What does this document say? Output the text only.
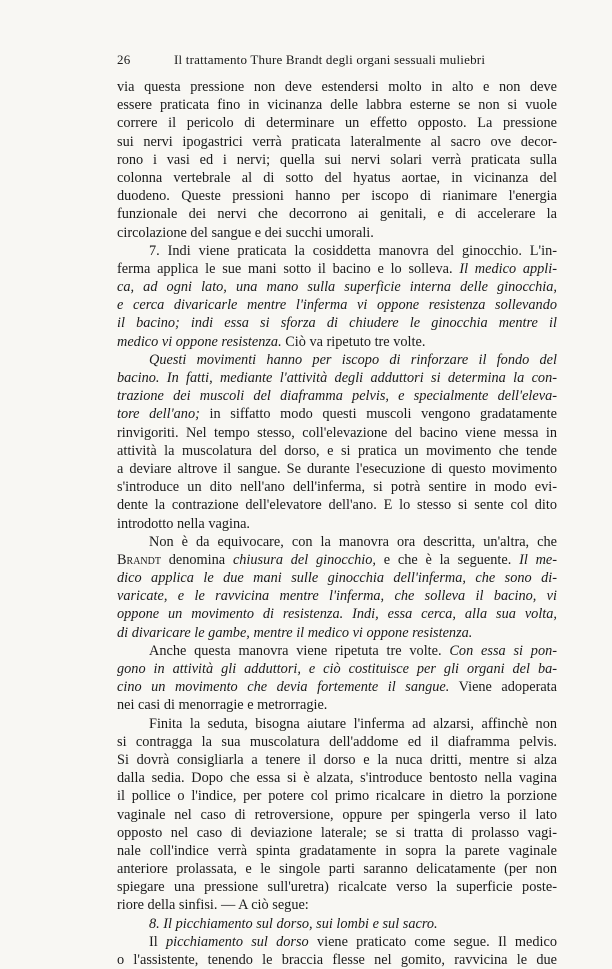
26	Il trattamento Thure Brandt degli organi sessuali muliebri
via questa pressione non deve estendersi molto in alto e non deve
essere praticata fino in vicinanza delle labbra esterne se non si vuole
correre il pericolo di determinare un effetto opposto. La pressione
sui nervi ipogastrici verrà praticata lateralmente al sacro ove decor-
rono i vasi ed i nervi; quella sui nervi solari verrà praticata sulla
colonna vertebrale al di sotto del hyatus aortae, in vicinanza del
duodeno. Queste pressioni hanno per iscopo di rianimare l'energia
funzionale dei nervi che decorrono ai genitali, e di accelerare la
circolazione del sangue e dei succhi umorali.
7. Indi viene praticata la cosiddetta manovra del ginocchio. L'in-
ferma applica le sue mani sotto il bacino e lo solleva. Il medico appli-
ca, ad ogni lato, una mano sulla superficie interna delle ginocchia,
e cerca divaricarle mentre l'inferma vi oppone resistenza sollevando
il bacino; indi essa si sforza di chiudere le ginocchia mentre il
medico vi oppone resistenza. Ciò va ripetuto tre volte.
Questi movimenti hanno per iscopo di rinforzare il fondo del
bacino. In fatti, mediante l'attività degli adduttori si determina la con-
trazione dei muscoli del diaframma pelvis, e specialmente dell'eleva-
tore dell'ano; in siffatto modo questi muscoli vengono gradatamente
rinvigoriti. Nel tempo stesso, coll'elevazione del bacino viene messa in
attività la muscolatura del dorso, e si pratica un movimento che tende
a deviare altrove il sangue. Se durante l'esecuzione di questo movimento
s'introduce un dito nell'ano dell'inferma, si potrà sentire in modo evi-
dente la contrazione dell'elevatore dell'ano. E lo stesso si sente col dito
introdotto nella vagina.
Non è da equivocare, con la manovra ora descritta, un'altra, che
Brandt denomina chiusura del ginocchio, e che è la seguente. Il me-
dico applica le due mani sulle ginocchia dell'inferma, che sono di-
varicate, e le ravvicina mentre l'inferma, che solleva il bacino, vi
oppone un movimento di resistenza. Indi, essa cerca, alla sua volta,
di divaricare le gambe, mentre il medico vi oppone resistenza.
Anche questa manovra viene ripetuta tre volte. Con essa si pon-
gono in attività gli adduttori, e ciò costituisce per gli organi del ba-
cino un movimento che devia fortemente il sangue. Viene adoperata
nei casi di menorragie e metrorragie.
Finita la seduta, bisogna aiutare l'inferma ad alzarsi, affinchè non
si contragga la sua muscolatura dell'addome ed il diaframma pelvis.
Si dovrà consigliarla a tenere il dorso e la nuca dritti, mentre si alza
dalla sedia. Dopo che essa si è alzata, s'introduce bentosto nella vagina
il pollice o l'indice, per potere col primo ricalcare in dietro la porzione
vaginale nel caso di retroversione, oppure per spingerla verso il lato
opposto nel caso di deviazione laterale; se si tratta di prolasso vagi-
nale coll'indice verrà spinta gradatamente in sopra la parete vaginale
anteriore prolassata, e le singole parti saranno delicatamente (per non
spiegare una pressione sull'uretra) ricalcate verso la superficie poste-
riore della sinfisi. — A ciò segue:
8. Il picchiamento sul dorso, sui lombi e sul sacro.
Il picchiamento sul dorso viene praticato come segue. Il medico
o l'assistente, tenendo le braccia flesse nel gomito, ravvicina le due
